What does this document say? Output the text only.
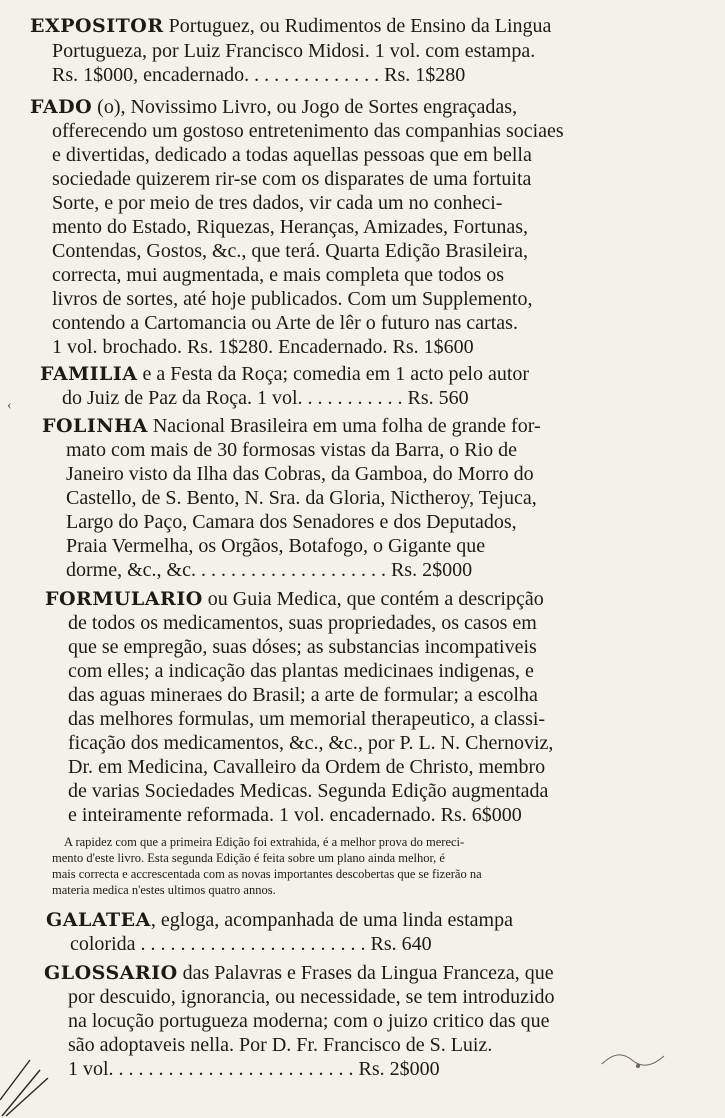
EXPOSITOR Portuguez, ou Rudimentos de Ensino da Lingua
Portugueza, por Luiz Francisco Midosi. 1 vol. com estampa.
Rs. 1$000, encadernado. . . . . . . . . . . . . . Rs. 1$280
FADO (o), Novissimo Livro, ou Jogo de Sortes engraçadas,
offerecendo um gostoso entretenimento das companhias sociaes
e divertidas, dedicado a todas aquellas pessoas que em bella
sociedade quizerem rir-se com os disparates de uma fortuita
Sorte, e por meio de tres dados, vir cada um no conheci-
mento do Estado, Riquezas, Heranças, Amizades, Fortunas,
Contendas, Gostos, &c., que terá. Quarta Edição Brasileira,
correcta, mui augmentada, e mais completa que todos os
livros de sortes, até hoje publicados. Com um Supplemento,
contendo a Cartomancia ou Arte de lêr o futuro nas cartas.
1 vol. brochado. Rs. 1$280. Encadernado. Rs. 1$600
FAMILIA e a Festa da Roça; comedia em 1 acto pelo autor
do Juiz de Paz da Roça. 1 vol. . . . . . . . . . . Rs. 560
FOLINHA Nacional Brasileira em uma folha de grande for-
mato com mais de 30 formosas vistas da Barra, o Rio de
Janeiro visto da Ilha das Cobras, da Gamboa, do Morro do
Castello, de S. Bento, N. Sra. da Gloria, Nictheroy, Tejuca,
Largo do Paço, Camara dos Senadores e dos Deputados,
Praia Vermelha, os Orgãos, Botafogo, o Gigante que
dorme, &c., &c. . . . . . . . . . . . . . . . . . . . Rs. 2$000
FORMULARIO ou Guia Medica, que contém a descripção
de todos os medicamentos, suas propriedades, os casos em
que se empregão, suas dóses; as substancias incompativeis
com elles; a indicação das plantas medicinaes indigenas, e
das aguas mineraes do Brasil; a arte de formular; a escolha
das melhores formulas, um memorial therapeutico, a classi-
ficação dos medicamentos, &c., &c., por P. L. N. Chernoviz,
Dr. em Medicina, Cavalleiro da Ordem de Christo, membro
de varias Sociedades Medicas. Segunda Edição augmentada
e inteiramente reformada. 1 vol. encadernado. Rs. 6$000
A rapidez com que a primeira Edição foi extrahida, é a melhor prova do mereci-
mento d'este livro. Esta segunda Edição é feita sobre um plano ainda melhor, é
mais correcta e accrescentada com as novas importantes descobertas que se fizerão na
materia medica n'estes ultimos quatro annos.
GALATEA, egloga, acompanhada de uma linda estampa
colorida . . . . . . . . . . . . . . . . . . . . . . . Rs. 640
GLOSSARIO das Palavras e Frases da Lingua Franceza, que
por descuido, ignorancia, ou necessidade, se tem introduzido
na locução portugueza moderna; com o juizo critico das que
são adoptaveis nella. Por D. Fr. Francisco de S. Luiz.
1 vol. . . . . . . . . . . . . . . . . . . . . . . . . Rs. 2$000
‹
